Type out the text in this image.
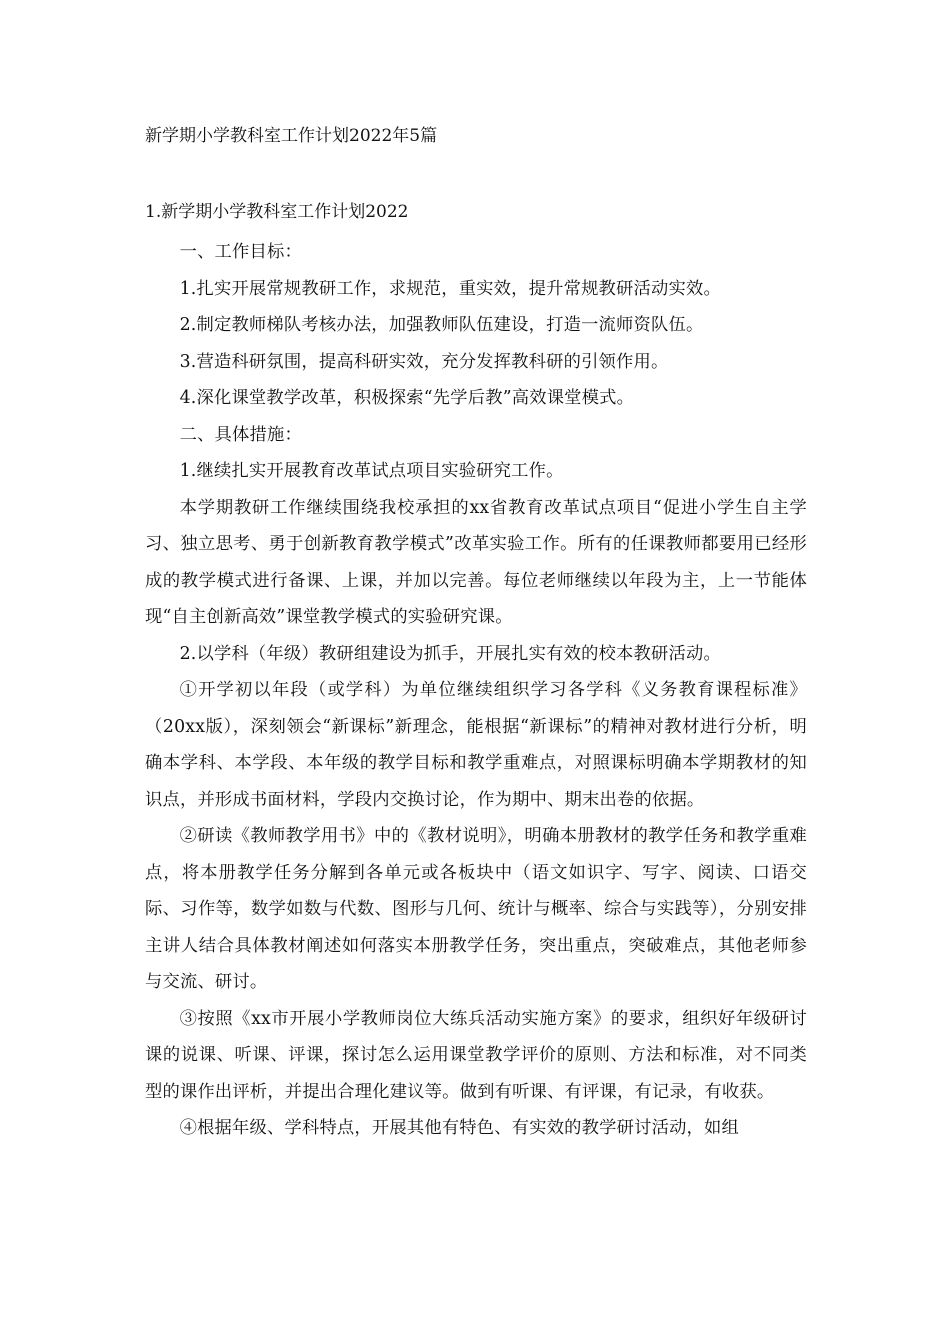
新学期小学教科室工作计划2022年5篇
1.新学期小学教科室工作计划2022

一、工作目标：

1.扎实开展常规教研工作，求规范，重实效，提升常规教研活动实效。

2.制定教师梯队考核办法，加强教师队伍建设，打造一流师资队伍。

3.营造科研氛围，提高科研实效，充分发挥教科研的引领作用。

4.深化课堂教学改革，积极探索“先学后教”高效课堂模式。

二、具体措施：

1.继续扎实开展教育改革试点项目实验研究工作。

本学期教研工作继续围绕我校承担的xx省教育改革试点项目“促进小学生自主学习、独立思考、勇于创新教育教学模式”改革实验工作。所有的任课教师都要用已经形成的教学模式进行备课、上课，并加以完善。每位老师继续以年段为主，上一节能体现“自主创新高效”课堂教学模式的实验研究课。

2.以学科（年级）教研组建设为抓手，开展扎实有效的校本教研活动。

①开学初以年段（或学科）为单位继续组织学习各学科《义务教育课程标准》（20xx版），深刻领会“新课标”新理念，能根据“新课标”的精神对教材进行分析，明确本学科、本学段、本年级的教学目标和教学重难点，对照课标明确本学期教材的知识点，并形成书面材料，学段内交换讨论，作为期中、期末出卷的依据。

②研读《教师教学用书》中的《教材说明》，明确本册教材的教学任务和教学重难点，将本册教学任务分解到各单元或各板块中（语文如识字、写字、阅读、口语交际、习作等，数学如数与代数、图形与几何、统计与概率、综合与实践等），分别安排主讲人结合具体教材阐述如何落实本册教学任务，突出重点，突破难点，其他老师参与交流、研讨。

③按照《xx市开展小学教师岗位大练兵活动实施方案》的要求，组织好年级研讨课的说课、听课、评课，探讨怎么运用课堂教学评价的原则、方法和标准，对不同类型的课作出评析，并提出合理化建议等。做到有听课、有评课，有记录，有收获。

④根据年级、学科特点，开展其他有特色、有实效的教学研讨活动，如组
